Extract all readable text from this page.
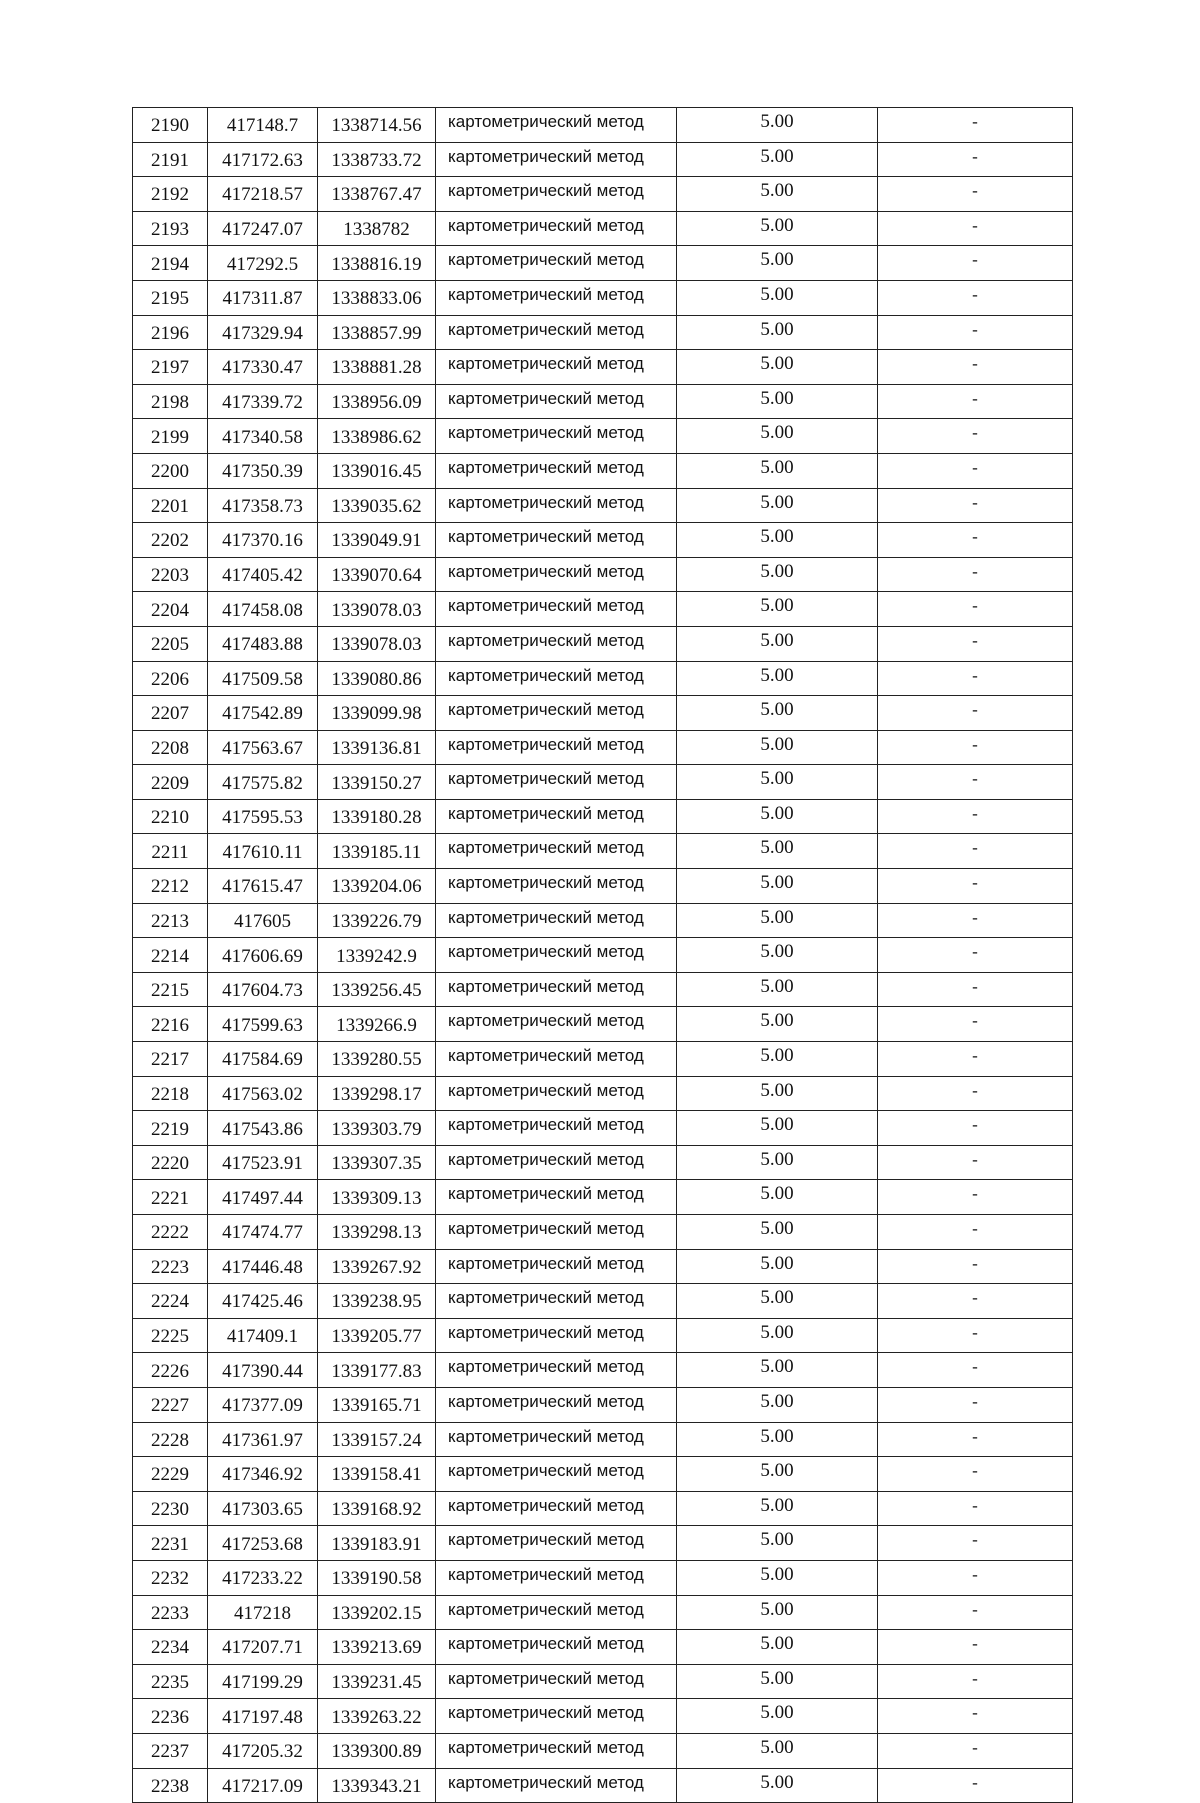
2190	417148.7	1338714.56	картометрический метод	5.00	-
2191	417172.63	1338733.72	картометрический метод	5.00	-
2192	417218.57	1338767.47	картометрический метод	5.00	-
2193	417247.07	1338782	картометрический метод	5.00	-
2194	417292.5	1338816.19	картометрический метод	5.00	-
2195	417311.87	1338833.06	картометрический метод	5.00	-
2196	417329.94	1338857.99	картометрический метод	5.00	-
2197	417330.47	1338881.28	картометрический метод	5.00	-
2198	417339.72	1338956.09	картометрический метод	5.00	-
2199	417340.58	1338986.62	картометрический метод	5.00	-
2200	417350.39	1339016.45	картометрический метод	5.00	-
2201	417358.73	1339035.62	картометрический метод	5.00	-
2202	417370.16	1339049.91	картометрический метод	5.00	-
2203	417405.42	1339070.64	картометрический метод	5.00	-
2204	417458.08	1339078.03	картометрический метод	5.00	-
2205	417483.88	1339078.03	картометрический метод	5.00	-
2206	417509.58	1339080.86	картометрический метод	5.00	-
2207	417542.89	1339099.98	картометрический метод	5.00	-
2208	417563.67	1339136.81	картометрический метод	5.00	-
2209	417575.82	1339150.27	картометрический метод	5.00	-
2210	417595.53	1339180.28	картометрический метод	5.00	-
2211	417610.11	1339185.11	картометрический метод	5.00	-
2212	417615.47	1339204.06	картометрический метод	5.00	-
2213	417605	1339226.79	картометрический метод	5.00	-
2214	417606.69	1339242.9	картометрический метод	5.00	-
2215	417604.73	1339256.45	картометрический метод	5.00	-
2216	417599.63	1339266.9	картометрический метод	5.00	-
2217	417584.69	1339280.55	картометрический метод	5.00	-
2218	417563.02	1339298.17	картометрический метод	5.00	-
2219	417543.86	1339303.79	картометрический метод	5.00	-
2220	417523.91	1339307.35	картометрический метод	5.00	-
2221	417497.44	1339309.13	картометрический метод	5.00	-
2222	417474.77	1339298.13	картометрический метод	5.00	-
2223	417446.48	1339267.92	картометрический метод	5.00	-
2224	417425.46	1339238.95	картометрический метод	5.00	-
2225	417409.1	1339205.77	картометрический метод	5.00	-
2226	417390.44	1339177.83	картометрический метод	5.00	-
2227	417377.09	1339165.71	картометрический метод	5.00	-
2228	417361.97	1339157.24	картометрический метод	5.00	-
2229	417346.92	1339158.41	картометрический метод	5.00	-
2230	417303.65	1339168.92	картометрический метод	5.00	-
2231	417253.68	1339183.91	картометрический метод	5.00	-
2232	417233.22	1339190.58	картометрический метод	5.00	-
2233	417218	1339202.15	картометрический метод	5.00	-
2234	417207.71	1339213.69	картометрический метод	5.00	-
2235	417199.29	1339231.45	картометрический метод	5.00	-
2236	417197.48	1339263.22	картометрический метод	5.00	-
2237	417205.32	1339300.89	картометрический метод	5.00	-
2238	417217.09	1339343.21	картометрический метод	5.00	-
